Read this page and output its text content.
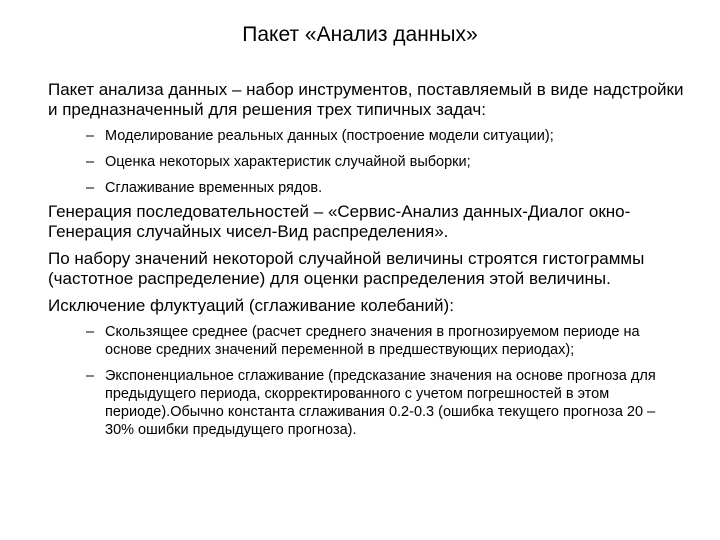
Пакет «Анализ данных»
Пакет анализа данных – набор инструментов, поставляемый в виде надстройки и предназначенный для решения трех типичных задач:
– Моделирование реальных данных (построение модели ситуации);
– Оценка некоторых характеристик случайной выборки;
– Сглаживание временных рядов.
Генерация последовательностей – «Сервис-Анализ данных-Диалог окно-Генерация случайных чисел-Вид распределения».
По набору значений некоторой случайной величины строятся гистограммы (частотное распределение) для оценки распределения этой величины.
Исключение флуктуаций (сглаживание колебаний):
– Скользящее среднее (расчет среднего значения в прогнозируемом периоде на основе средних значений переменной в предшествующих периодах);
– Экспоненциальное сглаживание (предсказание значения на основе прогноза для предыдущего периода, скорректированного с учетом погрешностей в этом периоде).Обычно константа сглаживания 0.2-0.3 (ошибка текущего прогноза 20 – 30% ошибки предыдущего прогноза).
